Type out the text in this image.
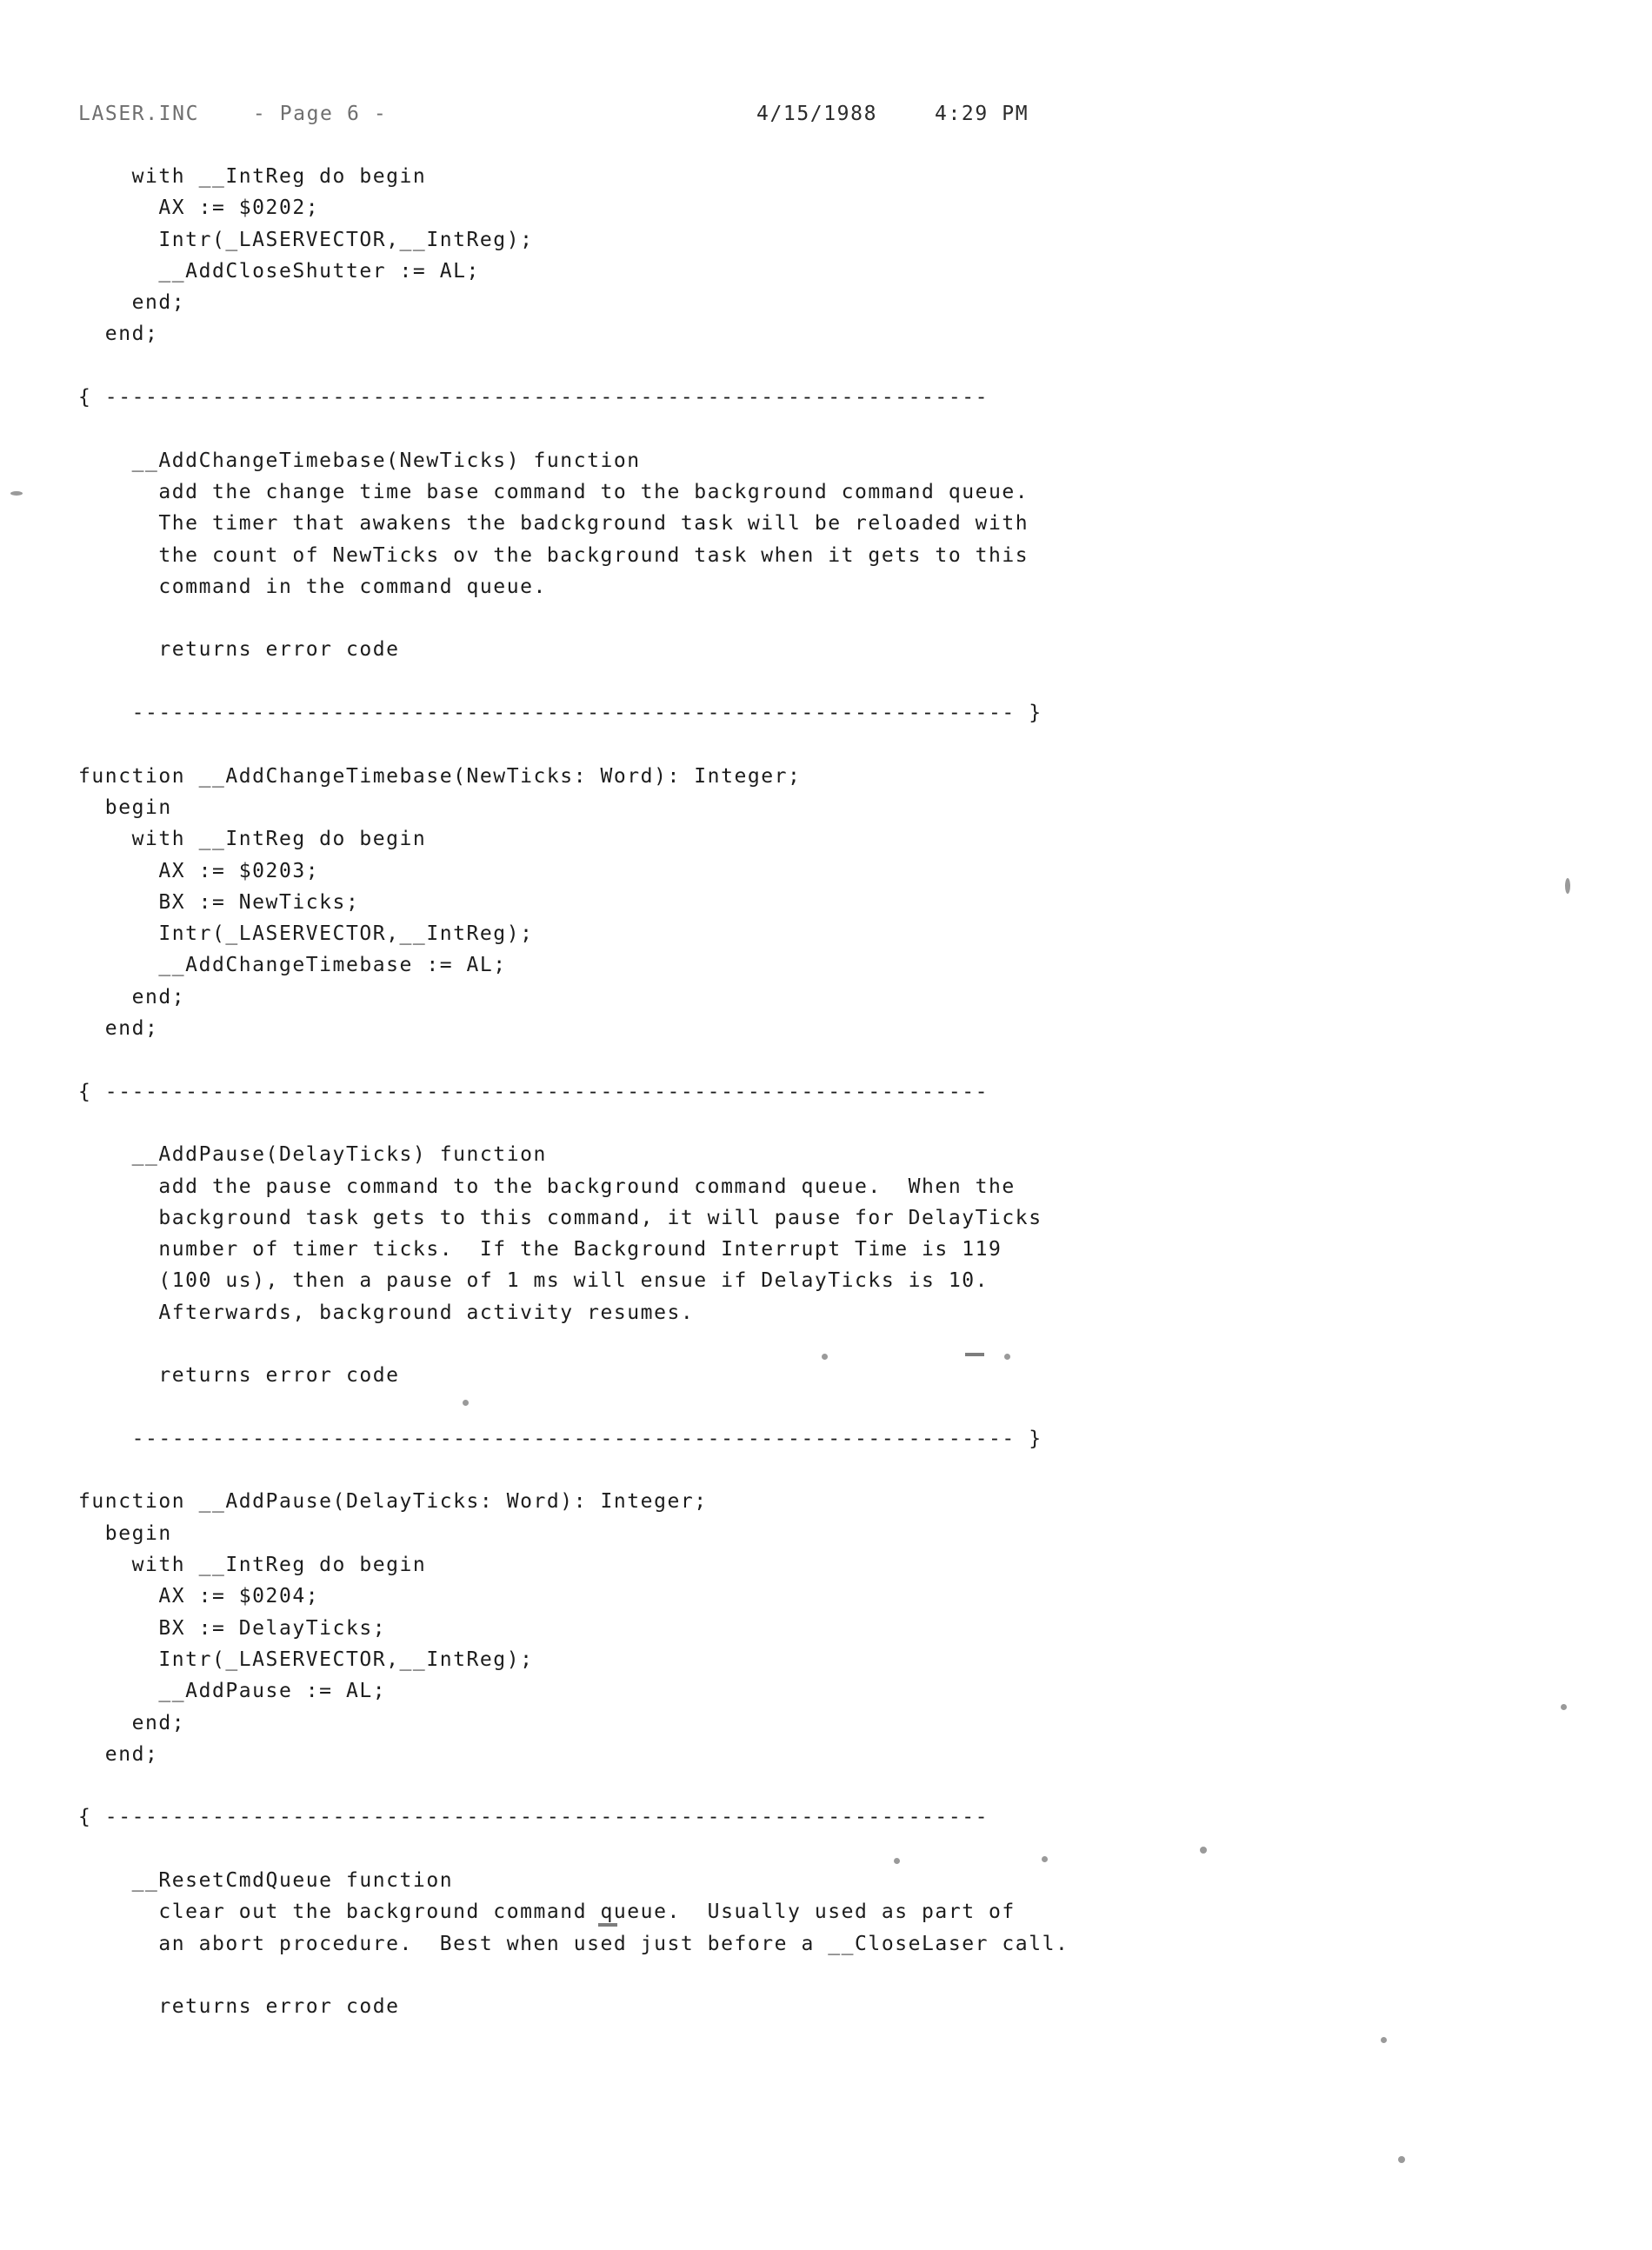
LASER.INC    - Page 6 -	4/15/1988	4:29 PM
with __IntReg do begin
AX := $0202;
Intr(_LASERVECTOR,__IntReg);
__AddCloseShutter := AL;
end;
end;
{ ------------------------------------------------------------------
__AddChangeTimebase(NewTicks) function
add the change time base command to the background command queue.
The timer that awakens the badckground task will be reloaded with
the count of NewTicks ov the background task when it gets to this
command in the command queue.
returns error code
------------------------------------------------------------------ }
function __AddChangeTimebase(NewTicks: Word): Integer;
begin
with __IntReg do begin
AX := $0203;
BX := NewTicks;
Intr(_LASERVECTOR,__IntReg);
__AddChangeTimebase := AL;
end;
end;
{ ------------------------------------------------------------------
__AddPause(DelayTicks) function
add the pause command to the background command queue.  When the
background task gets to this command, it will pause for DelayTicks
number of timer ticks.  If the Background Interrupt Time is 119
(100 us), then a pause of 1 ms will ensue if DelayTicks is 10.
Afterwards, background activity resumes.
returns error code
------------------------------------------------------------------ }
function __AddPause(DelayTicks: Word): Integer;
begin
with __IntReg do begin
AX := $0204;
BX := DelayTicks;
Intr(_LASERVECTOR,__IntReg);
__AddPause := AL;
end;
end;
{ ------------------------------------------------------------------
__ResetCmdQueue function
clear out the background command queue.  Usually used as part of
an abort procedure.  Best when used just before a __CloseLaser call.
returns error code
